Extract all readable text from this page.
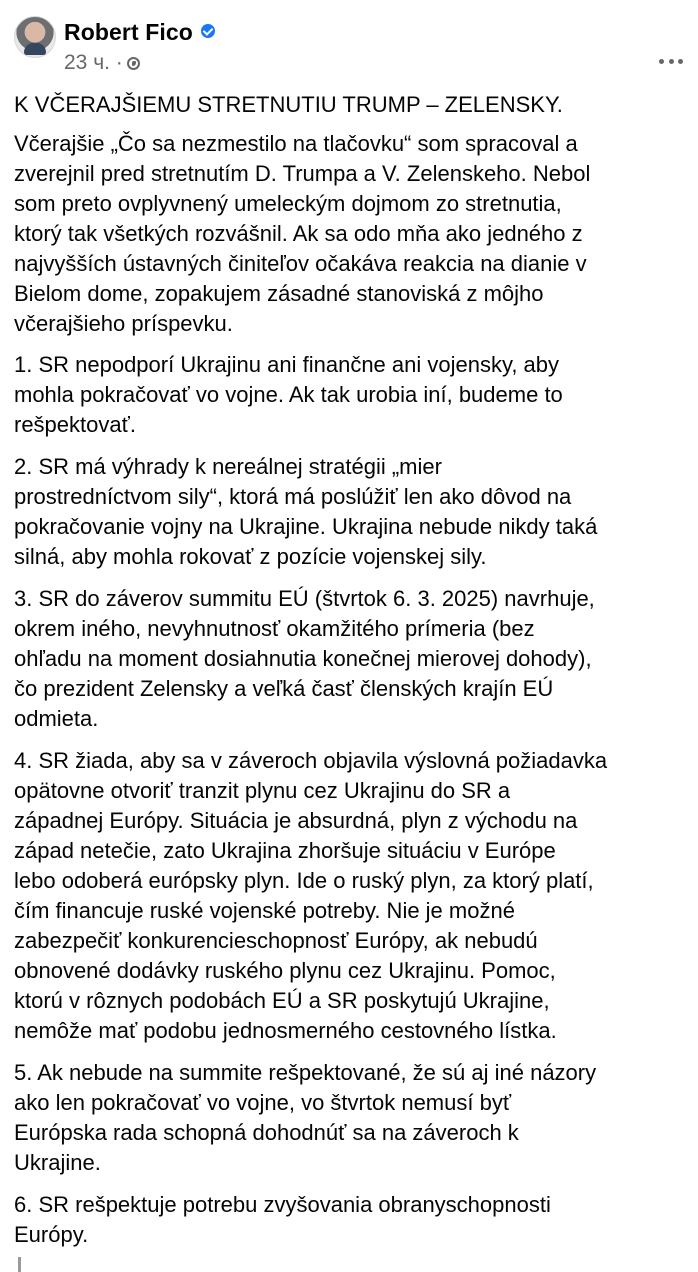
Robert Fico
23 ч. ·
K VČERAJŠIEMU STRETNUTIU TRUMP – ZELENSKY.
Včerajšie „Čo sa nezmestilo na tlačovku“ som spracoval a
zverejnil pred stretnutím D. Trumpa a V. Zelenskeho. Nebol
som preto ovplyvnený umeleckým dojmom zo stretnutia,
ktorý tak všetkých rozvášnil. Ak sa odo mňa ako jedného z
najvyšších ústavných činiteľov očakáva reakcia na dianie v
Bielom dome, zopakujem zásadné stanoviská z môjho
včerajšieho príspevku.
1. SR nepodporí Ukrajinu ani finančne ani vojensky, aby
mohla pokračovať vo vojne. Ak tak urobia iní, budeme to
rešpektovať.
2. SR má výhrady k nereálnej stratégii „mier
prostredníctvom sily“, ktorá má poslúžiť len ako dôvod na
pokračovanie vojny na Ukrajine. Ukrajina nebude nikdy taká
silná, aby mohla rokovať z pozície vojenskej sily.
3. SR do záverov summitu EÚ (štvrtok 6. 3. 2025) navrhuje,
okrem iného, nevyhnutnosť okamžitého prímeria (bez
ohľadu na moment dosiahnutia konečnej mierovej dohody),
čo prezident Zelensky a veľká časť členských krajín EÚ
odmieta.
4. SR žiada, aby sa v záveroch objavila výslovná požiadavka
opätovne otvoriť tranzit plynu cez Ukrajinu do SR a
západnej Európy. Situácia je absurdná, plyn z východu na
západ netečie, zato Ukrajina zhoršuje situáciu v Európe
lebo odoberá európsky plyn. Ide o ruský plyn, za ktorý platí,
čím financuje ruské vojenské potreby. Nie je možné
zabezpečiť konkurencieschopnosť Európy, ak nebudú
obnovené dodávky ruského plynu cez Ukrajinu. Pomoc,
ktorú v rôznych podobách EÚ a SR poskytujú Ukrajine,
nemôže mať podobu jednosmerného cestovného lístka.
5. Ak nebude na summite rešpektované, že sú aj iné názory
ako len pokračovať vo vojne, vo štvrtok nemusí byť
Európska rada schopná dohodnúť sa na záveroch k
Ukrajine.
6. SR rešpektuje potrebu zvyšovania obranyschopnosti
Európy.
